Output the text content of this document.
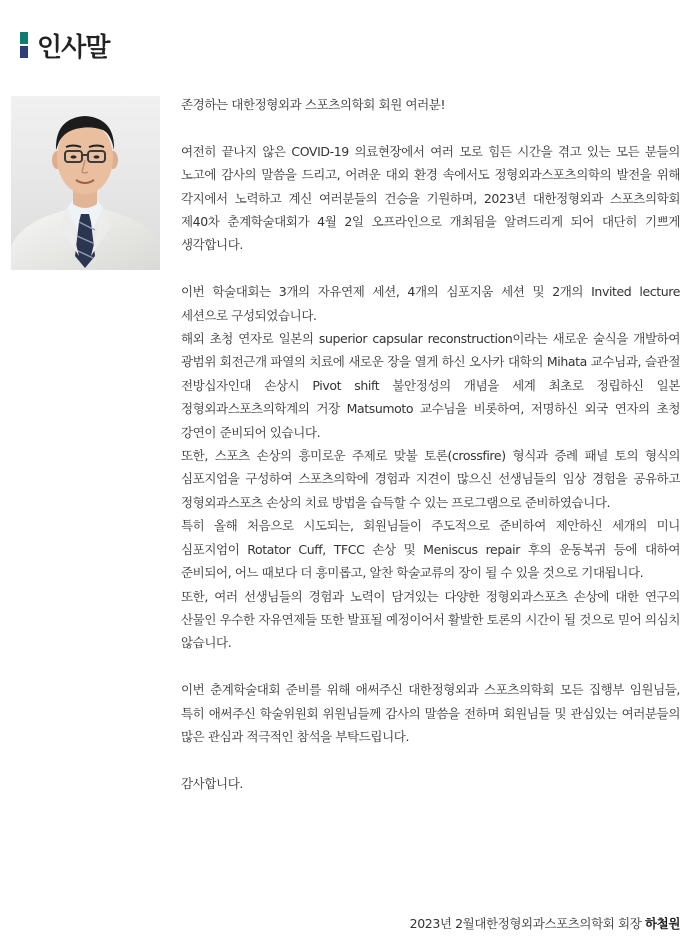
인사말

존경하는 대한정형외과 스포츠의학회 회원 여러분!

여전히 끝나지 않은 COVID-19 의료현장에서 여러 모로 힘든 시간을 겪고 있는 모든 분들의 노고에 감사의 말씀을 드리고, 어려운 대외 환경 속에서도 정형외과스포츠의학의 발전을 위해 각지에서 노력하고 계신 여러분들의 건승을 기원하며, 2023년 대한정형외과 스포츠의학회 제40차 춘계학술대회가 4월 2일 오프라인으로 개최됨을 알려드리게 되어 대단히 기쁘게 생각합니다.

이번 학술대회는 3개의 자유연제 세션, 4개의 심포지움 세션 및 2개의 Invited lecture 세션으로 구성되었습니다.

해외 초청 연자로 일본의 superior capsular reconstruction이라는 새로운 술식을 개발하여 광범위 회전근개 파열의 치료에 새로운 장을 열게 하신 오사카 대학의 Mihata 교수님과, 슬관절 전방십자인대 손상시 Pivot shift 불안정성의 개념을 세계 최초로 정립하신 일본 정형외과스포츠의학계의 거장 Matsumoto 교수님을 비롯하여, 저명하신 외국 연자의 초청 강연이 준비되어 있습니다.

또한, 스포츠 손상의 흥미로운 주제로 맞불 토론(crossfire) 형식과 증례 패널 토의 형식의 심포지엄을 구성하여 스포츠의학에 경험과 지견이 많으신 선생님들의 임상 경험을 공유하고 정형외과스포츠 손상의 치료 방법을 습득할 수 있는 프로그램으로 준비하였습니다.

특히 올해 처음으로 시도되는, 회원님들이 주도적으로 준비하여 제안하신 세개의 미니 심포지엄이 Rotator Cuff, TFCC 손상 및 Meniscus repair 후의 운동복귀 등에 대하여 준비되어, 어느 때보다 더 흥미롭고, 알찬 학술교류의 장이 될 수 있을 것으로 기대됩니다.

또한, 여러 선생님들의 경험과 노력이 담겨있는 다양한 정형외과스포츠 손상에 대한 연구의 산물인 우수한 자유연제들 또한 발표될 예정이어서 활발한 토론의 시간이 될 것으로 믿어 의심치 않습니다.

이번 춘계학술대회 준비를 위해 애써주신 대한정형외과 스포츠의학회 모든 집행부 임원님들, 특히 애써주신 학술위원회 위원님들께 감사의 말씀을 전하며 회원님들 및 관심있는 여러분들의 많은 관심과 적극적인 참석을 부탁드립니다.

감사합니다.

2023년 2월대한정형외과스포츠의학회 회장 하철원
